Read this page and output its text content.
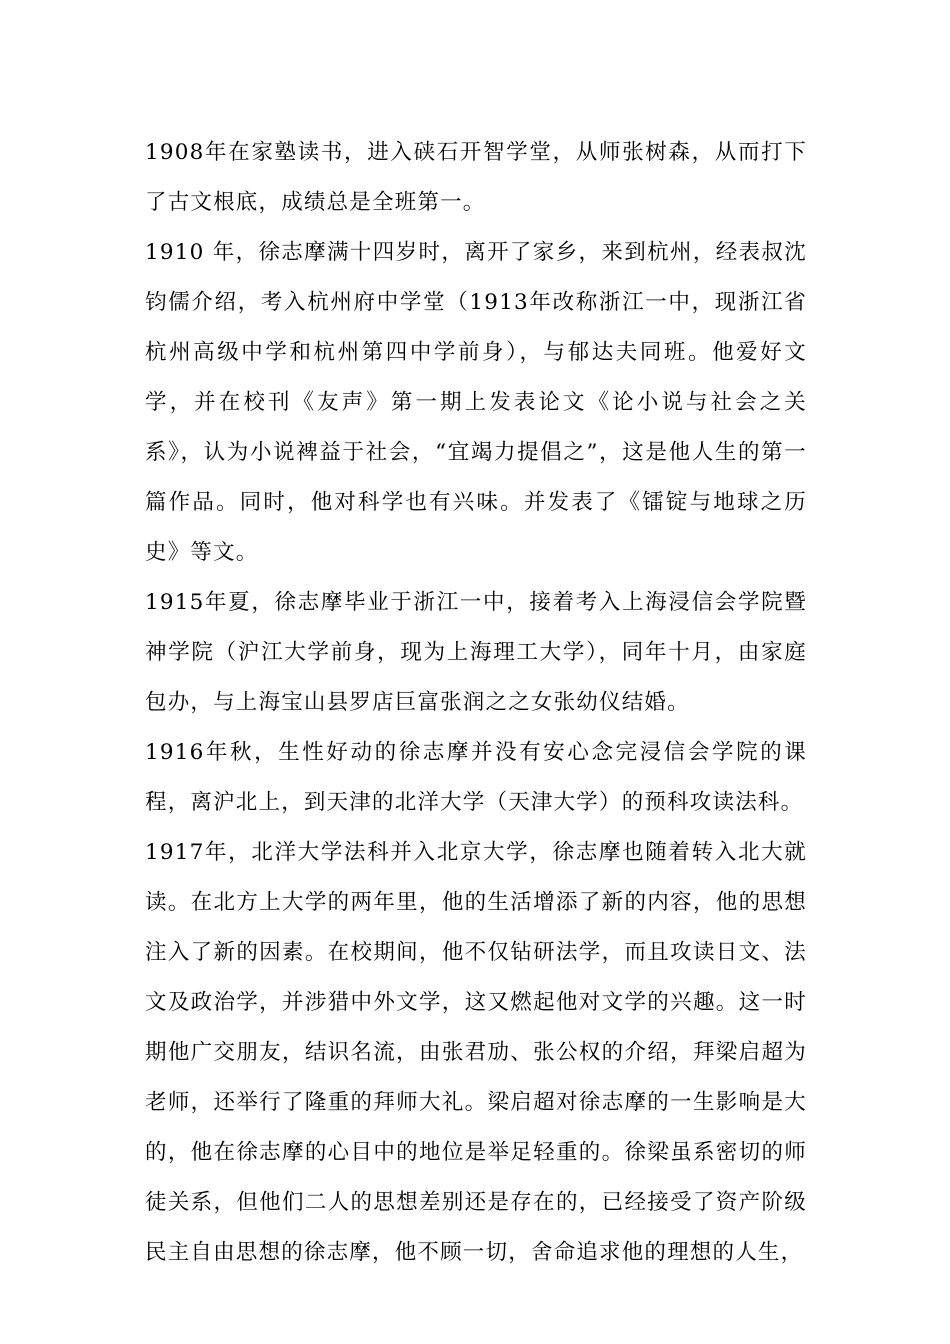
1908年在家塾读书，进入硖石开智学堂，从师张树森，从而打下了古文根底，成绩总是全班第一。

1910 年，徐志摩满十四岁时，离开了家乡，来到杭州，经表叔沈钧儒介绍，考入杭州府中学堂（1913年改称浙江一中，现浙江省杭州高级中学和杭州第四中学前身），与郁达夫同班。他爱好文学，并在校刊《友声》第一期上发表论文《论小说与社会之关系》，认为小说裨益于社会，“宜竭力提倡之”，这是他人生的第一篇作品。同时，他对科学也有兴味。并发表了《镭锭与地球之历史》等文。

1915年夏，徐志摩毕业于浙江一中，接着考入上海浸信会学院暨神学院（沪江大学前身，现为上海理工大学），同年十月，由家庭包办，与上海宝山县罗店巨富张润之之女张幼仪结婚。

1916年秋，生性好动的徐志摩并没有安心念完浸信会学院的课程，离沪北上，到天津的北洋大学（天津大学）的预科攻读法科。

1917年，北洋大学法科并入北京大学，徐志摩也随着转入北大就读。在北方上大学的两年里，他的生活增添了新的内容，他的思想注入了新的因素。在校期间，他不仅钻研法学，而且攻读日文、法文及政治学，并涉猎中外文学，这又燃起他对文学的兴趣。这一时期他广交朋友，结识名流，由张君劢、张公权的介绍，拜梁启超为老师，还举行了隆重的拜师大礼。梁启超对徐志摩的一生影响是大的，他在徐志摩的心目中的地位是举足轻重的。徐梁虽系密切的师徒关系，但他们二人的思想差别还是存在的，已经接受了资产阶级民主自由思想的徐志摩，他不顾一切，舍命追求他的理想的人生，
